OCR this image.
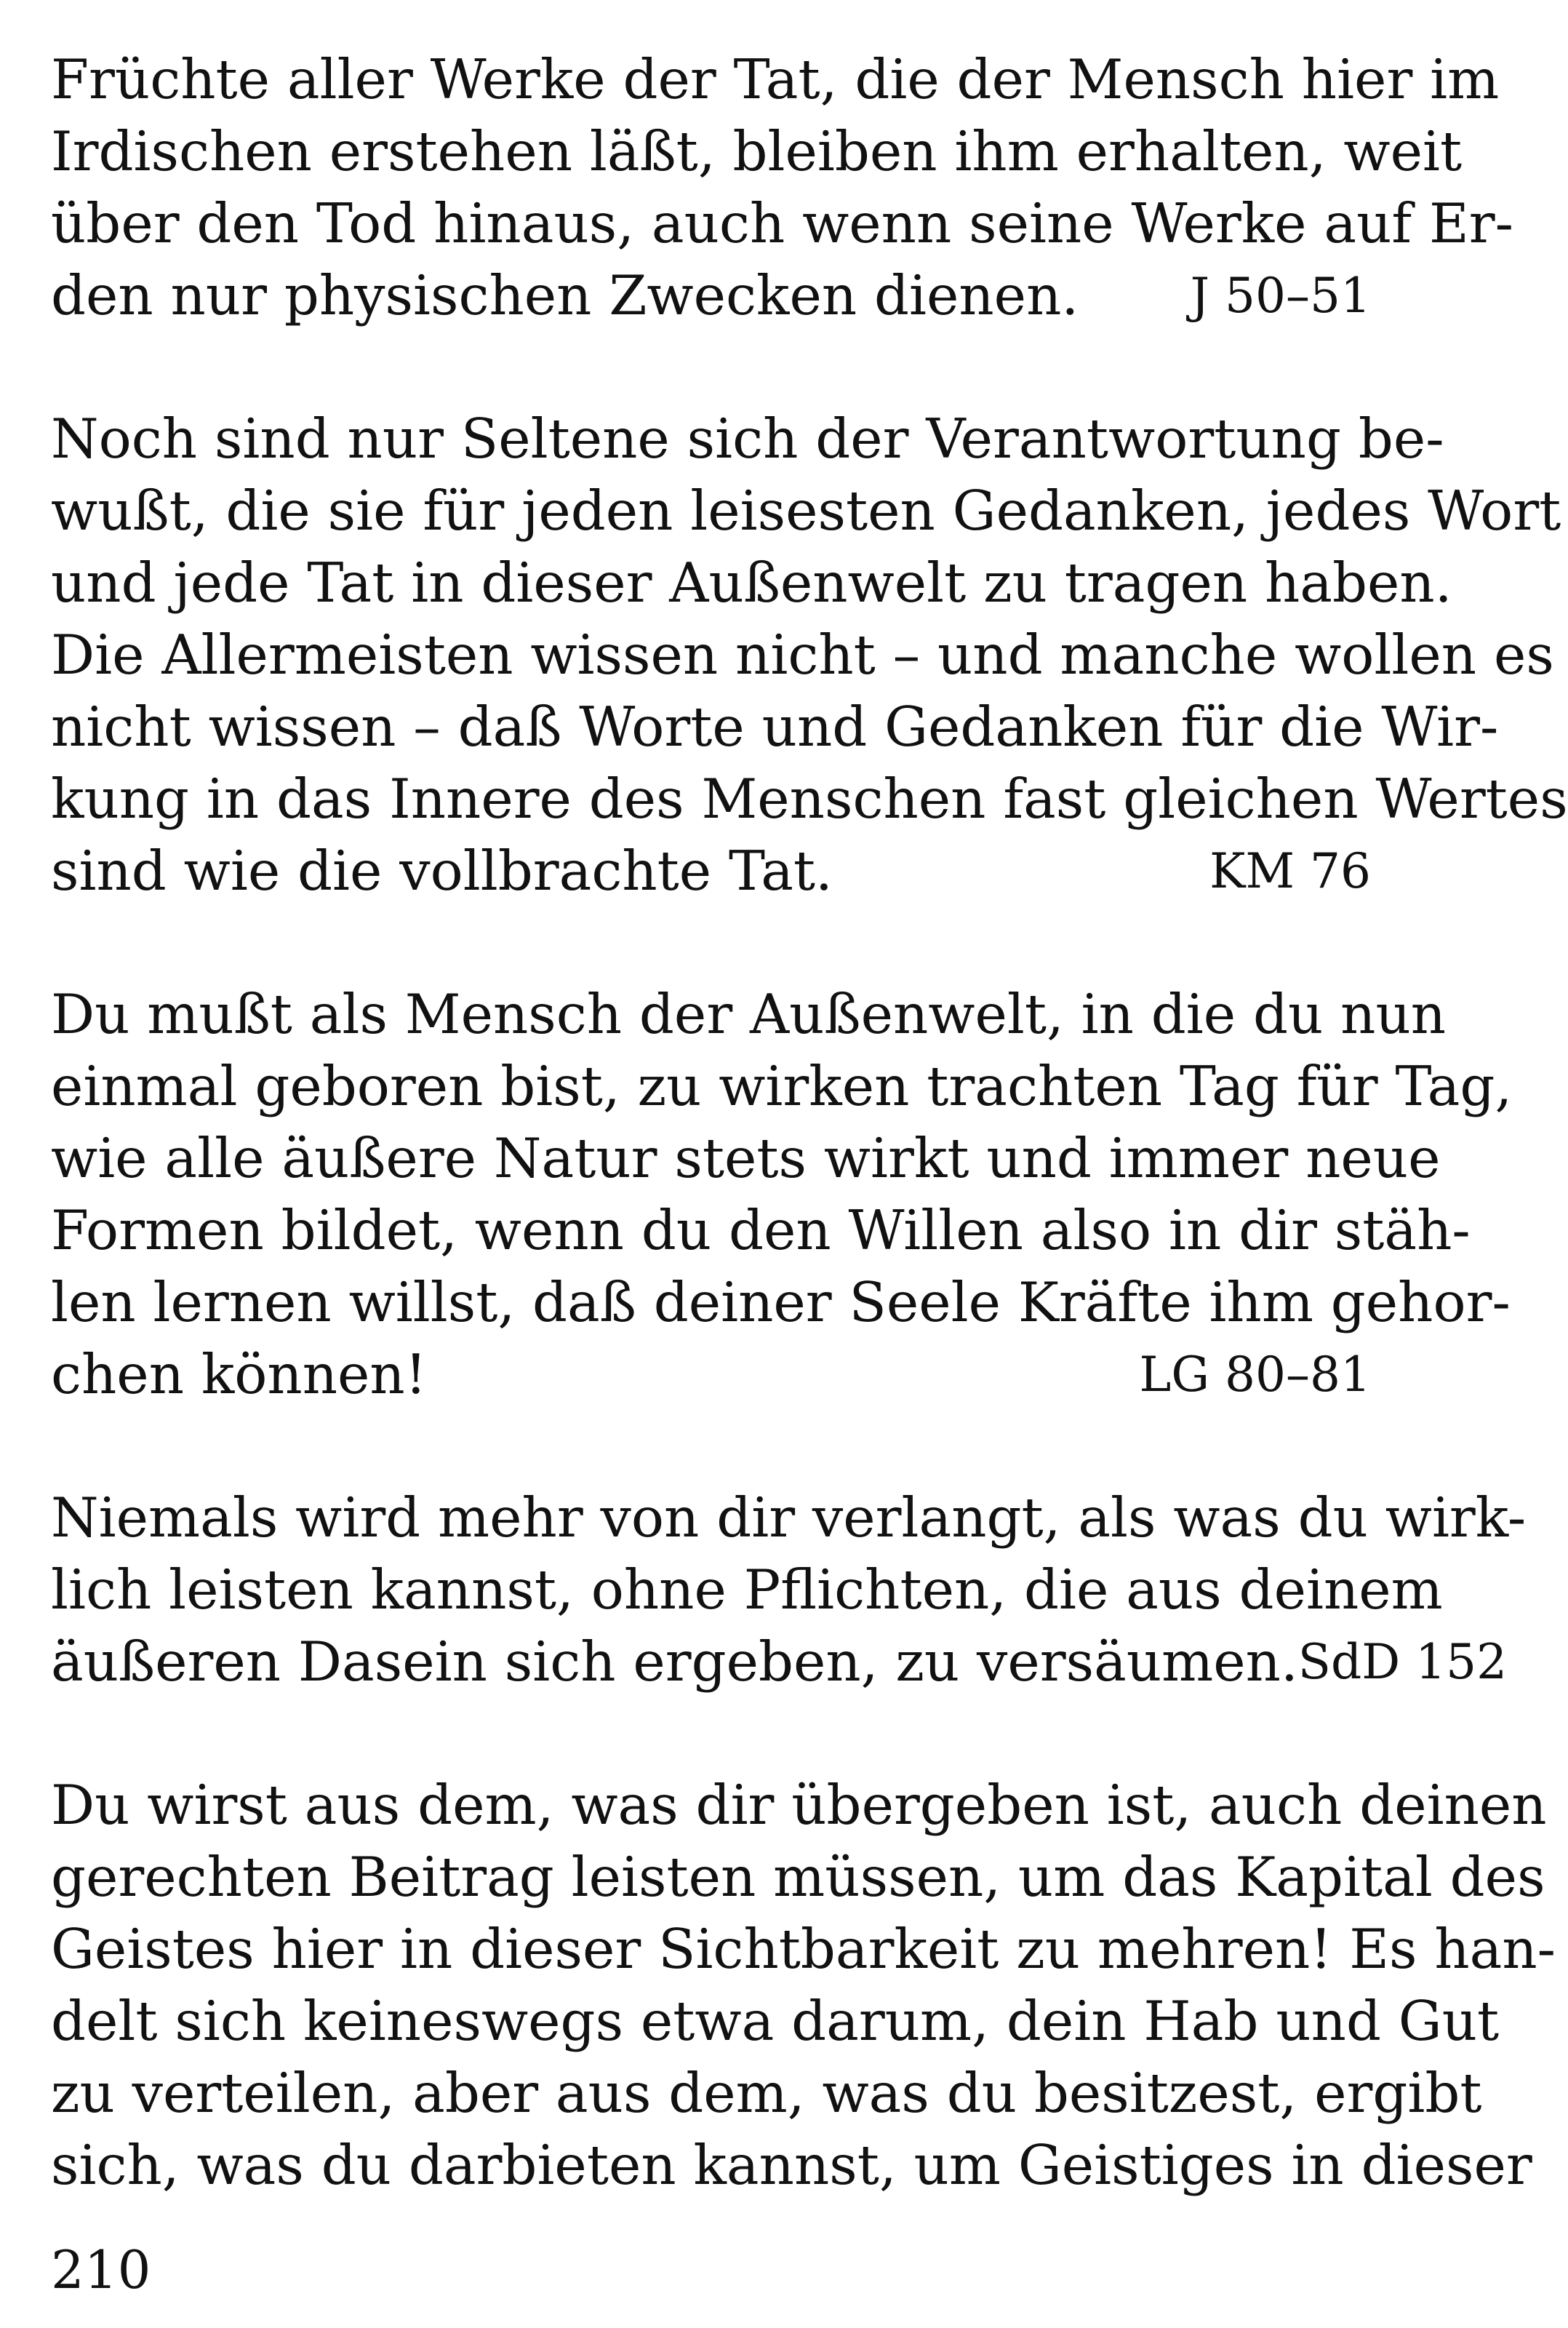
Früchte aller Werke der Tat, die der Mensch hier im
Irdischen erstehen läßt, bleiben ihm erhalten, weit
über den Tod hinaus, auch wenn seine Werke auf Er-
den nur physischen Zwecken dienen. J 50–51
Noch sind nur Seltene sich der Verantwortung be-
wußt, die sie für jeden leisesten Gedanken, jedes Wort
und jede Tat in dieser Außenwelt zu tragen haben.
Die Allermeisten wissen nicht – und manche wollen es
nicht wissen – daß Worte und Gedanken für die Wir-
kung in das Innere des Menschen fast gleichen Wertes
sind wie die vollbrachte Tat.	KM 76
Du mußt als Mensch der Außenwelt, in die du nun
einmal geboren bist, zu wirken trachten Tag für Tag,
wie alle äußere Natur stets wirkt und immer neue
Formen bildet, wenn du den Willen also in dir stäh-
len lernen willst, daß deiner Seele Kräfte ihm gehor-
chen können!	LG 80–81
Niemals wird mehr von dir verlangt, als was du wirk-
lich leisten kannst, ohne Pflichten, die aus deinem
äußeren Dasein sich ergeben, zu versäumen. SdD 152
Du wirst aus dem, was dir übergeben ist, auch deinen
gerechten Beitrag leisten müssen, um das Kapital des
Geistes hier in dieser Sichtbarkeit zu mehren! Es han-
delt sich keineswegs etwa darum, dein Hab und Gut
zu verteilen, aber aus dem, was du besitzest, ergibt
sich, was du darbieten kannst, um Geistiges in dieser
210
